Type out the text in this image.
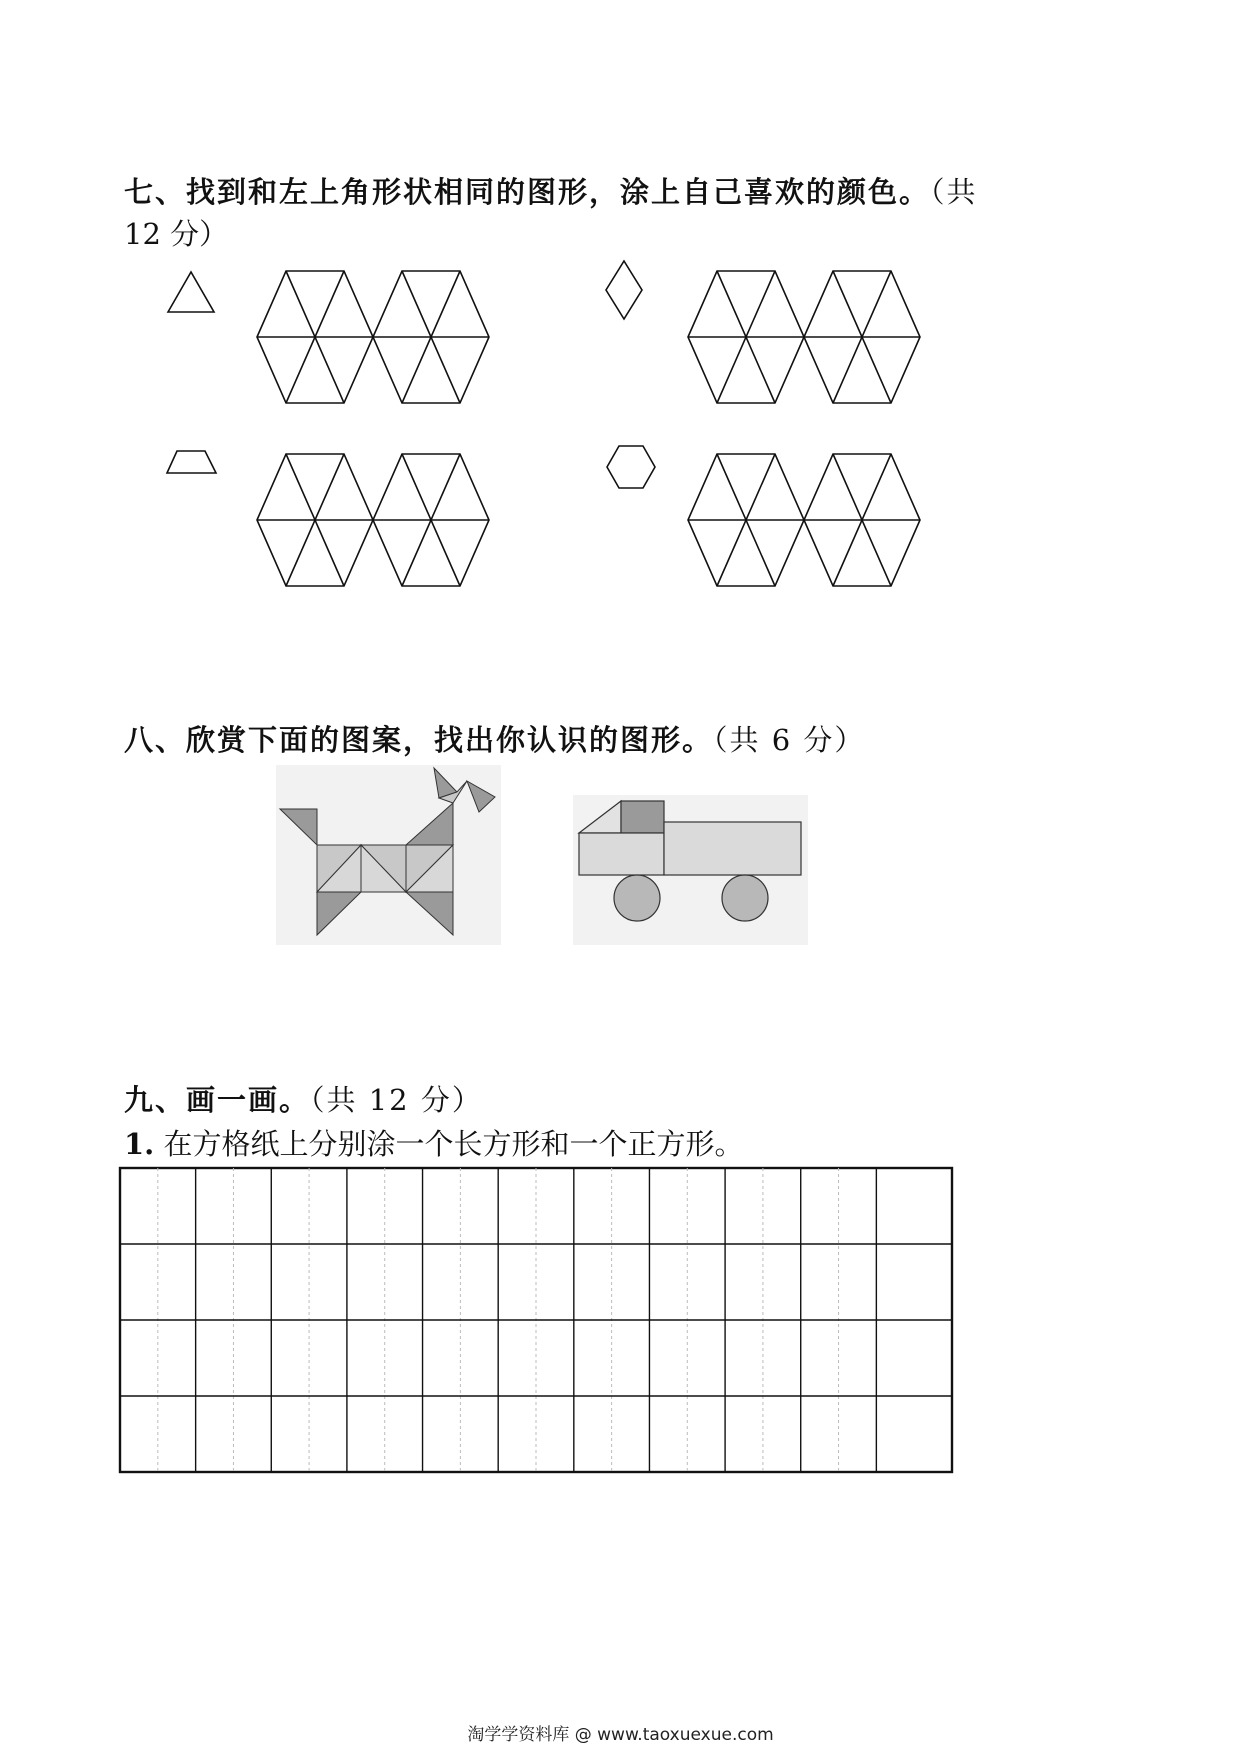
七、找到和左上角形状相同的图形，涂上自己喜欢的颜色。（共
12 分）
八、欣赏下面的图案，找出你认识的图形。（共 6 分）
九、画一画。（共 12 分）
1. 在方格纸上分别涂一个长方形和一个正方形。
淘学学资料库 @ www.taoxuexue.com
